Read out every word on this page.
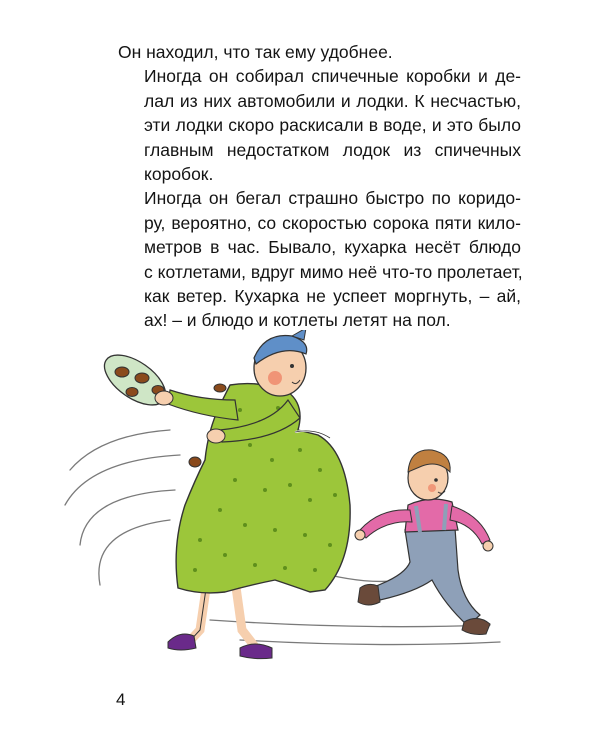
Он находил, что так ему удобнее.

Иногда он собирал спичечные коробки и де-
лал из них автомобили и лодки. К несчастью,
эти лодки скоро раскисали в воде, и это было
главным недостатком лодок из спичечных
коробок.

Иногда он бегал страшно быстро по коридо-
ру, вероятно, со скоростью сорока пяти кило-
метров в час. Бывало, кухарка несёт блюдо
с котлетами, вдруг мимо неё что-то пролетает,
как ветер. Кухарка не успеет моргнуть, – ай,
ах! – и блюдо и котлеты летят на пол.

4
